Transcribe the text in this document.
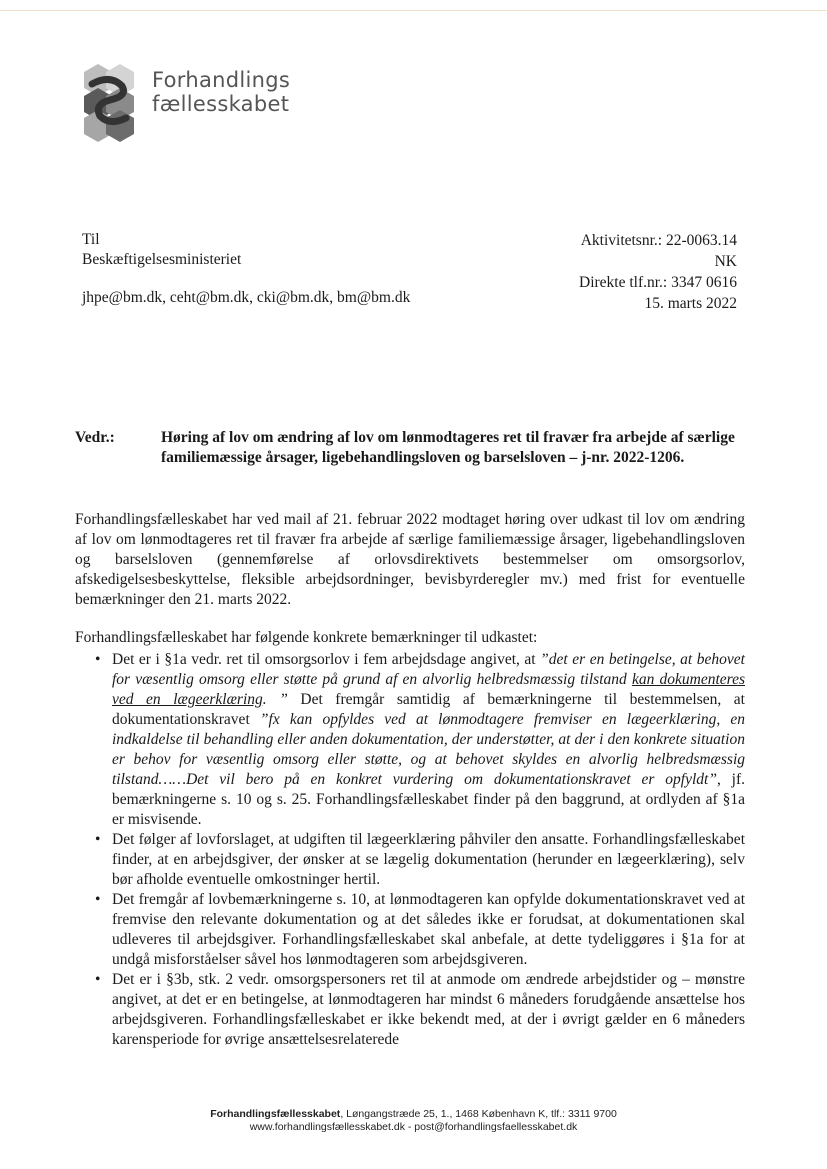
Forhandlings
fællesskabet
Til
Beskæftigelsesministeriet
jhpe@bm.dk, ceht@bm.dk, cki@bm.dk, bm@bm.dk
Aktivitetsnr.: 22-0063.14
NK
Direkte tlf.nr.: 3347 0616
15. marts 2022
Vedr.:	Høring af lov om ændring af lov om lønmodtageres ret til fravær fra arbejde af særlige familiemæssige årsager, ligebehandlingsloven og barselsloven – j-nr. 2022-1206.
Forhandlingsfælleskabet har ved mail af 21. februar 2022 modtaget høring over udkast til lov om ændring af lov om lønmodtageres ret til fravær fra arbejde af særlige familiemæssige årsager, ligebehandlingsloven og barselsloven (gennemførelse af orlovsdirektivets bestemmelser om omsorgsorlov, afskedigelsesbeskyttelse, fleksible arbejdsordninger, bevisbyrderegler mv.) med frist for eventuelle bemærkninger den 21. marts 2022.
Forhandlingsfælleskabet har følgende konkrete bemærkninger til udkastet:
• Det er i §1a vedr. ret til omsorgsorlov i fem arbejdsdage angivet, at ”det er en betingelse, at behovet for væsentlig omsorg eller støtte på grund af en alvorlig helbredsmæssig tilstand kan dokumenteres ved en lægeerklæring. ” Det fremgår samtidig af bemærkningerne til bestemmelsen, at dokumentationskravet ”fx kan opfyldes ved at lønmodtagere fremviser en lægeerklæring, en indkaldelse til behandling eller anden dokumentation, der understøtter, at der i den konkrete situation er behov for væsentlig omsorg eller støtte, og at behovet skyldes en alvorlig helbredsmæssig tilstand……Det vil bero på en konkret vurdering om dokumentationskravet er opfyldt”, jf. bemærkningerne s. 10 og s. 25. Forhandlingsfælleskabet finder på den baggrund, at ordlyden af §1a er misvisende.
• Det følger af lovforslaget, at udgiften til lægeerklæring påhviler den ansatte. Forhandlingsfælleskabet finder, at en arbejdsgiver, der ønsker at se lægelig dokumentation (herunder en lægeerklæring), selv bør afholde eventuelle omkostninger hertil.
• Det fremgår af lovbemærkningerne s. 10, at lønmodtageren kan opfylde dokumentationskravet ved at fremvise den relevante dokumentation og at det således ikke er forudsat, at dokumentationen skal udleveres til arbejdsgiver. Forhandlingsfælleskabet skal anbefale, at dette tydeliggøres i §1a for at undgå misforståelser såvel hos lønmodtageren som arbejdsgiveren.
• Det er i §3b, stk. 2 vedr. omsorgspersoners ret til at anmode om ændrede arbejdstider og – mønstre angivet, at det er en betingelse, at lønmodtageren har mindst 6 måneders forudgående ansættelse hos arbejdsgiveren. Forhandlingsfælleskabet er ikke bekendt med, at der i øvrigt gælder en 6 måneders karensperiode for øvrige ansættelsesrelaterede
Forhandlingsfællesskabet, Løngangstræde 25, 1., 1468 København K, tlf.: 3311 9700
www.forhandlingsfællesskabet.dk - post@forhandlingsfaellesskabet.dk
